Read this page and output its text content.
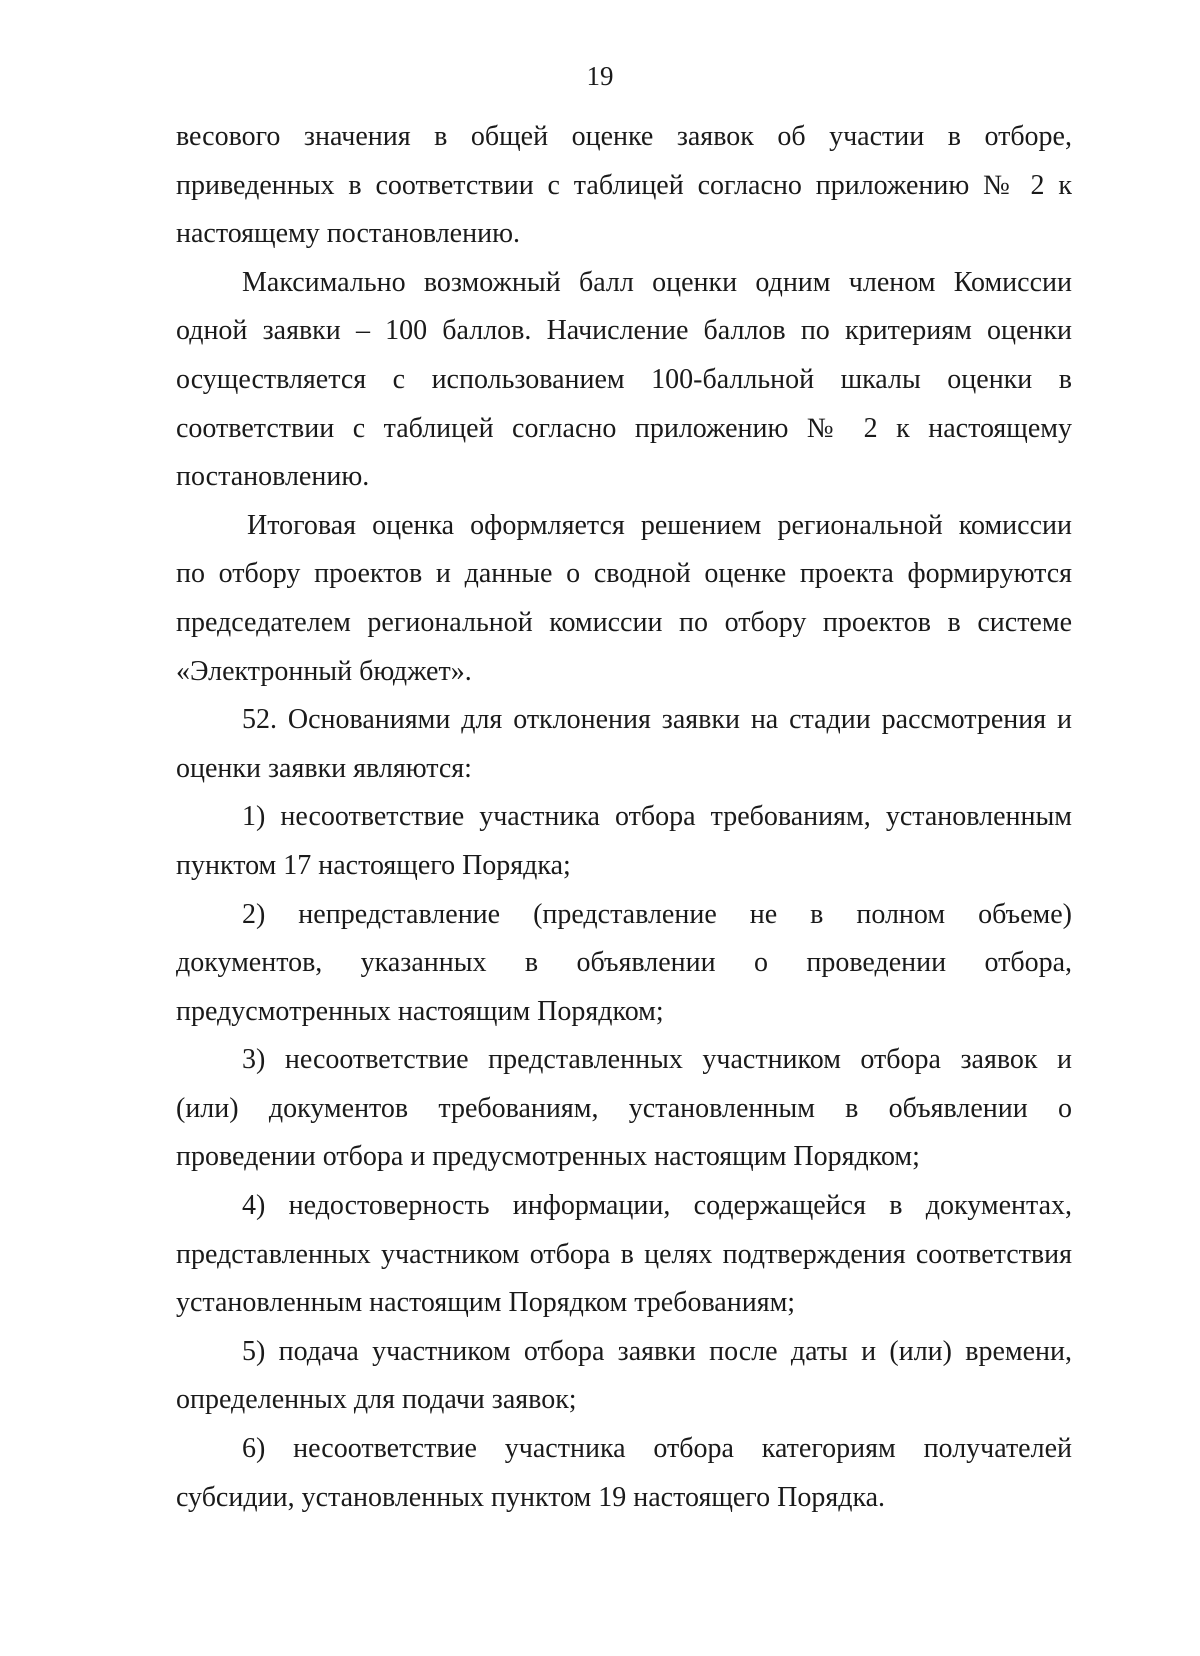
19
весового значения в общей оценке заявок об участии в отборе,
приведенных в соответствии с таблицей согласно приложению № 2 к
настоящему постановлению.
Максимально возможный балл оценки одним членом Комиссии
одной заявки – 100 баллов. Начисление баллов по критериям оценки
осуществляется с использованием 100-балльной шкалы оценки в
соответствии с таблицей согласно приложению № 2 к настоящему
постановлению.
Итоговая оценка оформляется решением региональной комиссии
по отбору проектов и данные о сводной оценке проекта формируются
председателем региональной комиссии по отбору проектов в системе
«Электронный бюджет».
52. Основаниями для отклонения заявки на стадии рассмотрения и
оценки заявки являются:
1) несоответствие участника отбора требованиям, установленным
пунктом 17 настоящего Порядка;
2) непредставление (представление не в полном объеме)
документов, указанных в объявлении о проведении отбора,
предусмотренных настоящим Порядком;
3) несоответствие представленных участником отбора заявок и
(или) документов требованиям, установленным в объявлении о
проведении отбора и предусмотренных настоящим Порядком;
4) недостоверность информации, содержащейся в документах,
представленных участником отбора в целях подтверждения соответствия
установленным настоящим Порядком требованиям;
5) подача участником отбора заявки после даты и (или) времени,
определенных для подачи заявок;
6) несоответствие участника отбора категориям получателей
субсидии, установленных пунктом 19 настоящего Порядка.
